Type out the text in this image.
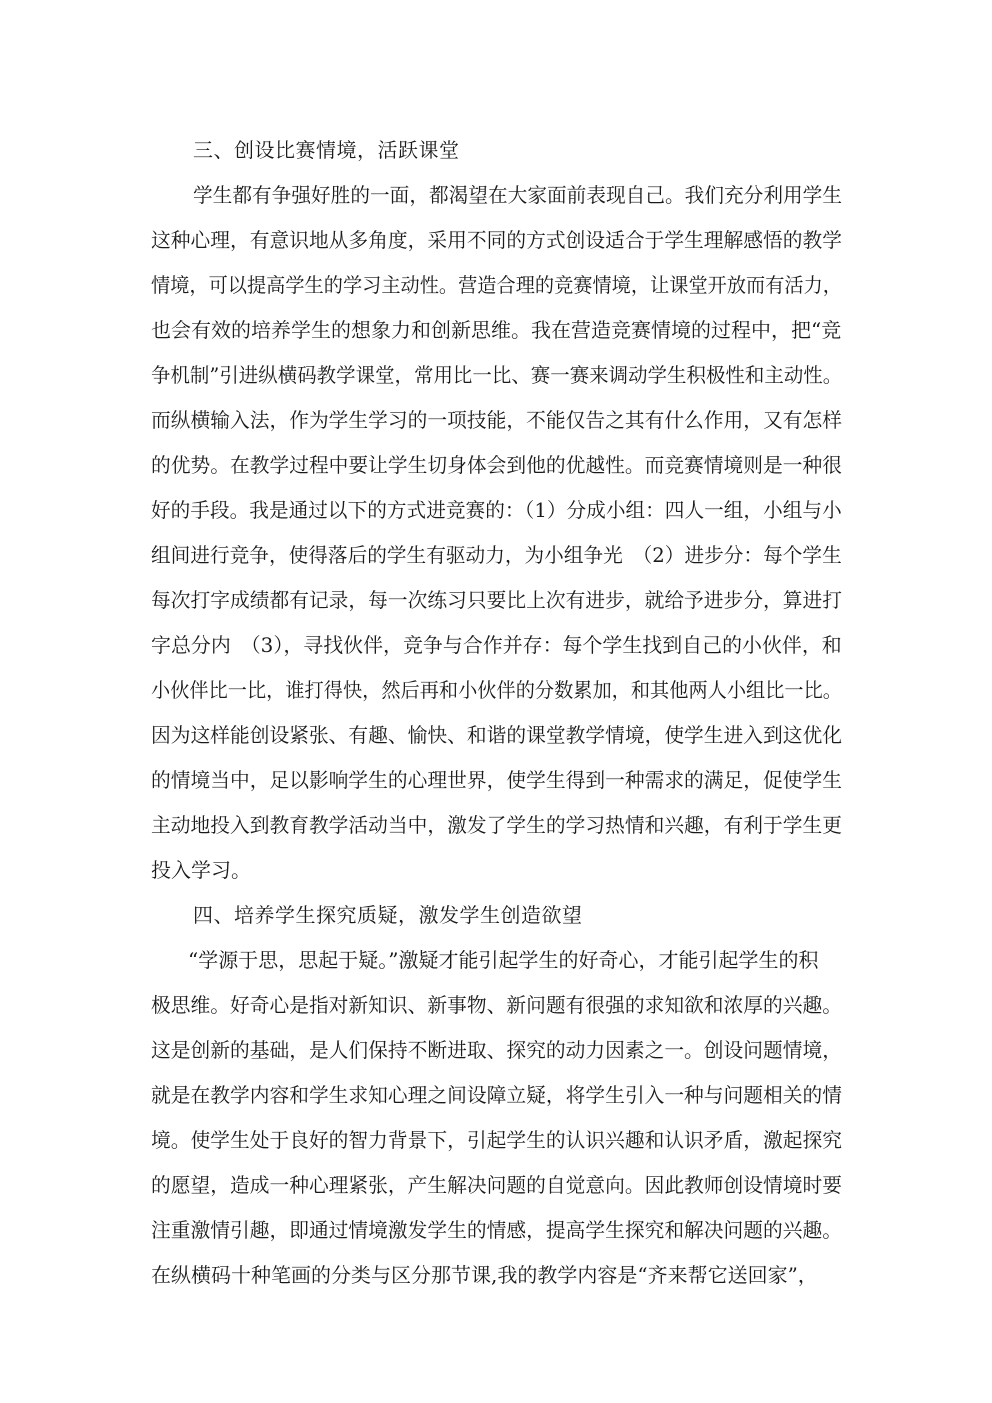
三、创设比赛情境，活跃课堂
学生都有争强好胜的一面，都渴望在大家面前表现自己。我们充分利用学生
这种心理，有意识地从多角度，采用不同的方式创设适合于学生理解感悟的教学
情境，可以提高学生的学习主动性。营造合理的竞赛情境，让课堂开放而有活力，
也会有效的培养学生的想象力和创新思维。我在营造竞赛情境的过程中，把“竞
争机制”引进纵横码教学课堂，常用比一比、赛一赛来调动学生积极性和主动性。
而纵横输入法，作为学生学习的一项技能，不能仅告之其有什么作用，又有怎样
的优势。在教学过程中要让学生切身体会到他的优越性。而竞赛情境则是一种很
好的手段。我是通过以下的方式进竞赛的：（1）分成小组：四人一组，小组与小
组间进行竞争，使得落后的学生有驱动力，为小组争光　（2）进步分：每个学生
每次打字成绩都有记录，每一次练习只要比上次有进步，就给予进步分，算进打
字总分内　（3），寻找伙伴，竞争与合作并存：每个学生找到自己的小伙伴，和
小伙伴比一比，谁打得快，然后再和小伙伴的分数累加，和其他两人小组比一比。
因为这样能创设紧张、有趣、愉快、和谐的课堂教学情境，使学生进入到这优化
的情境当中，足以影响学生的心理世界，使学生得到一种需求的满足，促使学生
主动地投入到教育教学活动当中，激发了学生的学习热情和兴趣，有利于学生更
投入学习。
四、培养学生探究质疑，激发学生创造欲望
“学源于思，思起于疑。”激疑才能引起学生的好奇心，才能引起学生的积
极思维。好奇心是指对新知识、新事物、新问题有很强的求知欲和浓厚的兴趣。
这是创新的基础，是人们保持不断进取、探究的动力因素之一。创设问题情境，
就是在教学内容和学生求知心理之间设障立疑，将学生引入一种与问题相关的情
境。使学生处于良好的智力背景下，引起学生的认识兴趣和认识矛盾，激起探究
的愿望，造成一种心理紧张，产生解决问题的自觉意向。因此教师创设情境时要
注重激情引趣，即通过情境激发学生的情感，提高学生探究和解决问题的兴趣。
在纵横码十种笔画的分类与区分那节课,我的教学内容是“齐来帮它送回家”，
